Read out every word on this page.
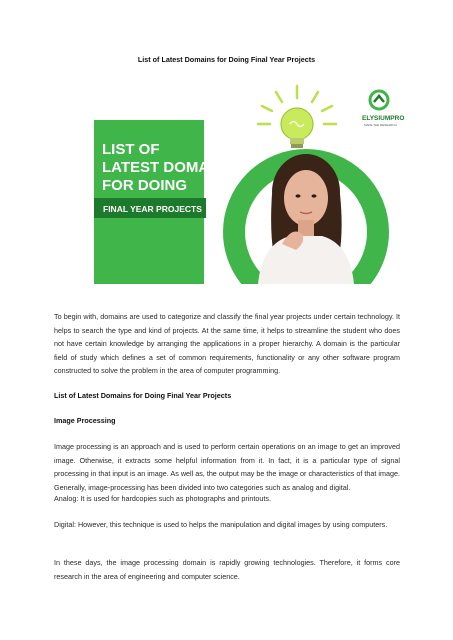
List of Latest Domains for Doing Final Year Projects
LIST OF
LATEST DOMAINS
FOR DOING
FINAL YEAR PROJECTS
ELYSIUMPRO
MAKE THE RESEARCH
To begin with, domains are used to categorize and classify the final year projects under certain technology. It helps to search the type and kind of projects. At the same time, it helps to streamline the student who does not have certain knowledge by arranging the applications in a proper hierarchy. A domain is the particular field of study which defines a set of common requirements, functionality or any other software program constructed to solve the problem in the area of computer programming.
List of Latest Domains for Doing Final Year Projects
Image Processing
Image processing is an approach and is used to perform certain operations on an image to get an improved image. Otherwise, it extracts some helpful information from it. In fact, it is a particular type of signal processing in that input is an image. As well as, the output may be the image or characteristics of that image. Generally, image-processing has been divided into two categories such as analog and digital.
Analog: It is used for hardcopies such as photographs and printouts.
Digital: However, this technique is used to helps the manipulation and digital images by using computers.
In these days, the image processing domain is rapidly growing technologies. Therefore, it forms core research in the area of engineering and computer science.
